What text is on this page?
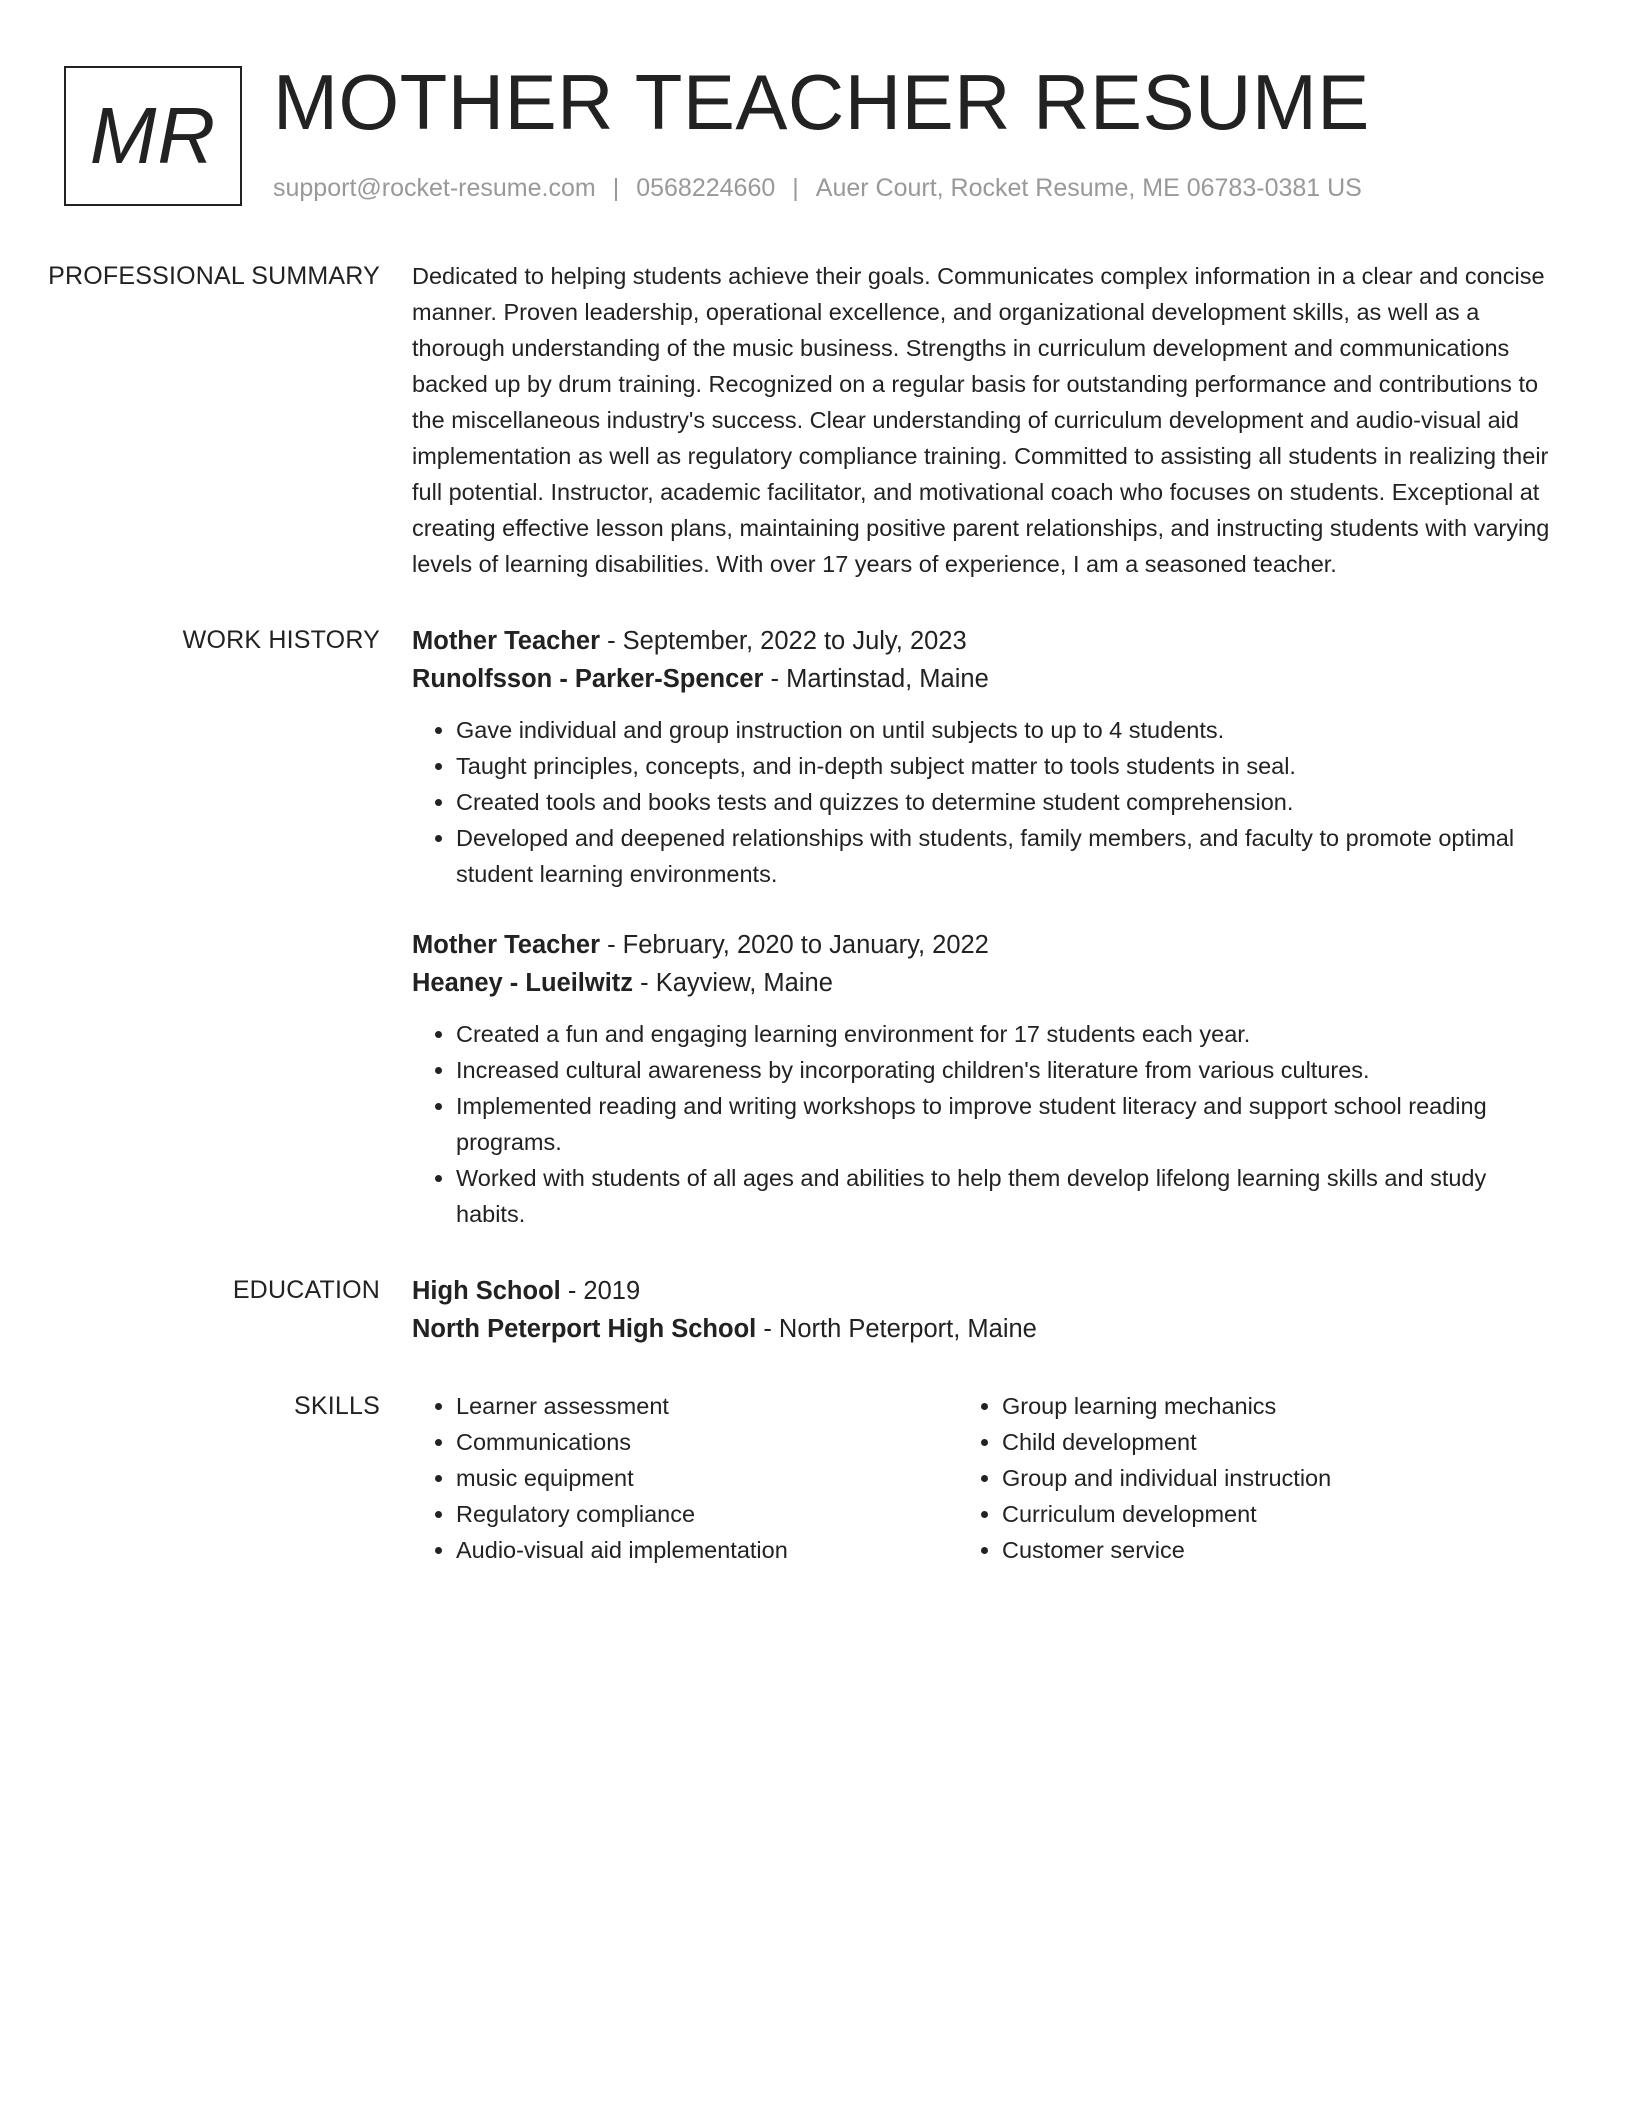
MR MOTHER TEACHER RESUME
support@rocket-resume.com | 0568224660 | Auer Court, Rocket Resume, ME 06783-0381 US
PROFESSIONAL SUMMARY	Dedicated to helping students achieve their goals. Communicates complex information in a clear and concise manner. Proven leadership, operational excellence, and organizational development skills, as well as a thorough understanding of the music business. Strengths in curriculum development and communications backed up by drum training. Recognized on a regular basis for outstanding performance and contributions to the miscellaneous industry's success. Clear understanding of curriculum development and audio-visual aid implementation as well as regulatory compliance training. Committed to assisting all students in realizing their full potential. Instructor, academic facilitator, and motivational coach who focuses on students. Exceptional at creating effective lesson plans, maintaining positive parent relationships, and instructing students with varying levels of learning disabilities. With over 17 years of experience, I am a seasoned teacher.

WORK HISTORY	Mother Teacher - September, 2022 to July, 2023
Runolfsson - Parker-Spencer - Martinstad, Maine
• Gave individual and group instruction on until subjects to up to 4 students.
• Taught principles, concepts, and in-depth subject matter to tools students in seal.
• Created tools and books tests and quizzes to determine student comprehension.
• Developed and deepened relationships with students, family members, and faculty to promote optimal student learning environments.
Mother Teacher - February, 2020 to January, 2022
Heaney - Lueilwitz - Kayview, Maine
• Created a fun and engaging learning environment for 17 students each year.
• Increased cultural awareness by incorporating children's literature from various cultures.
• Implemented reading and writing workshops to improve student literacy and support school reading programs.
• Worked with students of all ages and abilities to help them develop lifelong learning skills and study habits.
EDUCATION	High School - 2019
North Peterport High School - North Peterport, Maine
SKILLS
•	Learner assessment
• Communications
• music equipment
• Regulatory compliance
• Audio-visual aid implementation
• Group learning mechanics
• Child development
• Group and individual instruction
• Curriculum development
• Customer service
